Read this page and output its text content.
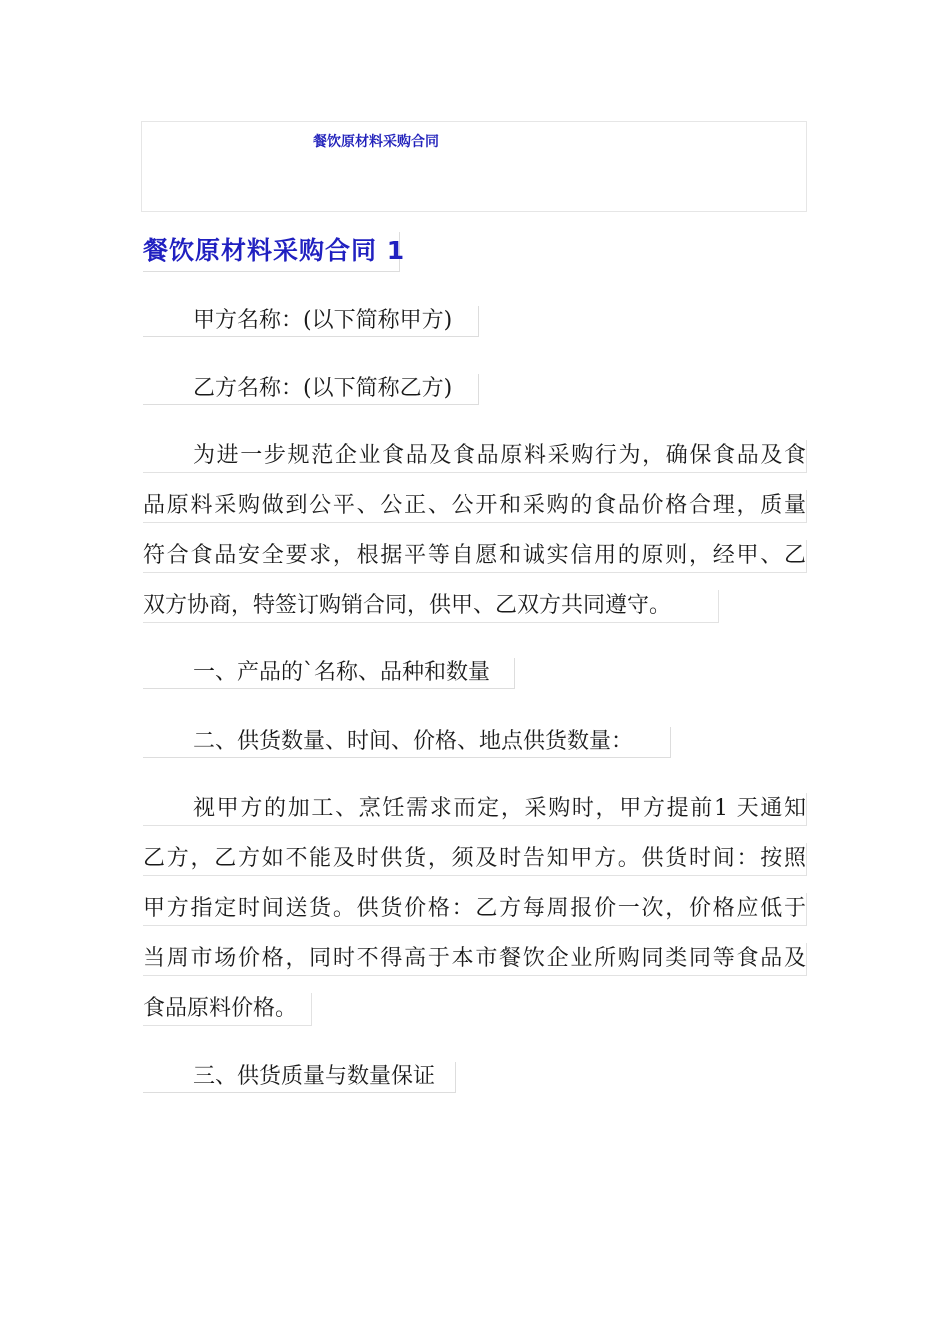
餐饮原材料采购合同
餐饮原材料采购合同 1
甲方名称：(以下简称甲方)
乙方名称：(以下简称乙方)
为进一步规范企业食品及食品原料采购行为，确保食品及食
品原料采购做到公平、公正、公开和采购的食品价格合理，质量
符合食品安全要求，根据平等自愿和诚实信用的原则，经甲、乙
双方协商，特签订购销合同，供甲、乙双方共同遵守。
一、产品的`名称、品种和数量
二、供货数量、时间、价格、地点供货数量：
视甲方的加工、烹饪需求而定，采购时，甲方提前1 天通知
乙方，乙方如不能及时供货，须及时告知甲方。供货时间：按照
甲方指定时间送货。供货价格：乙方每周报价一次，价格应低于
当周市场价格，同时不得高于本市餐饮企业所购同类同等食品及
食品原料价格。
三、供货质量与数量保证
